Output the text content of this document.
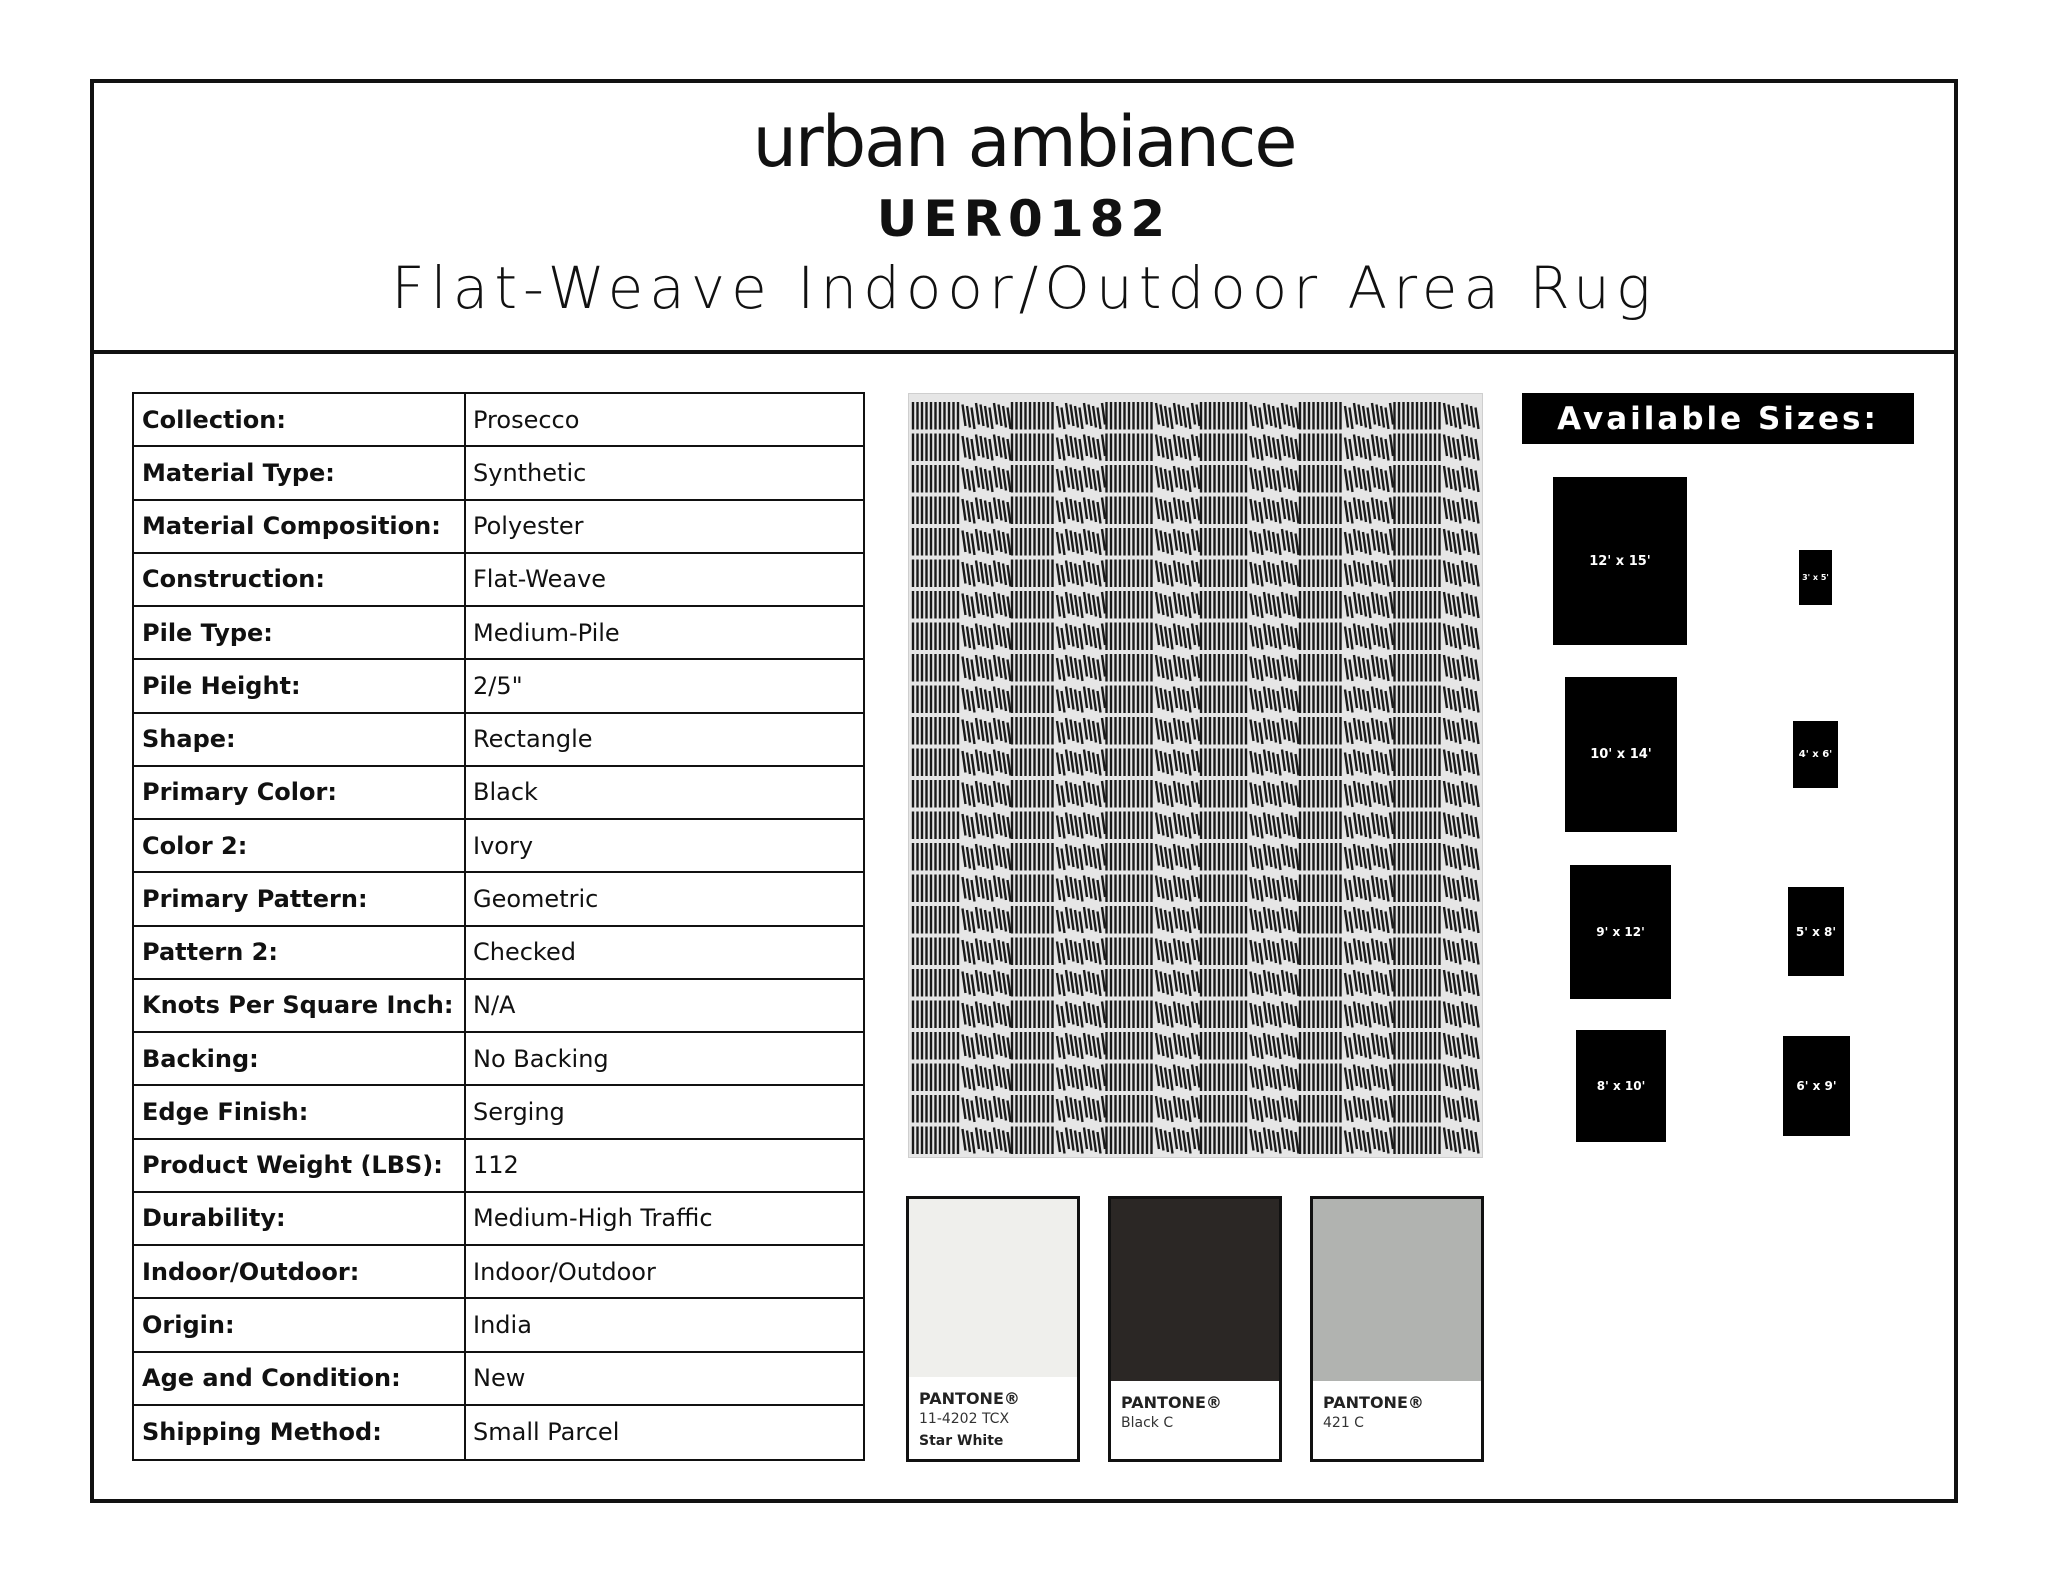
urban ambiance
UER0182
Flat-Weave Indoor/Outdoor Area Rug
Collection:	Prosecco
Material Type:	Synthetic
Material Composition: Polyester
Construction:	Flat-Weave
Pile Type:	Medium-Pile
Pile Height:	2/5"
Shape:	Rectangle
Primary Color:	Black
Color 2:	Ivory
Primary Pattern:	Geometric
Pattern 2:	Checked
Knots Per Square Inch: N/A
Backing:	No Backing
Edge Finish:	Serging
Product Weight (LBS): 112
Durability:	Medium-High Traffic
Indoor/Outdoor:	Indoor/Outdoor
Origin:	India
Age and Condition:	New
Shipping Method:	Small Parcel
PANTONE®
11-4202 TCX
Star White
PANTONE®
Black C
PANTONE®
421 C
Available Sizes:
12' x 15'
3' x 5'
10' x 14'	4' x 6'
9' x 12'	5' x 8'
8' x 10'	6' x 9'
